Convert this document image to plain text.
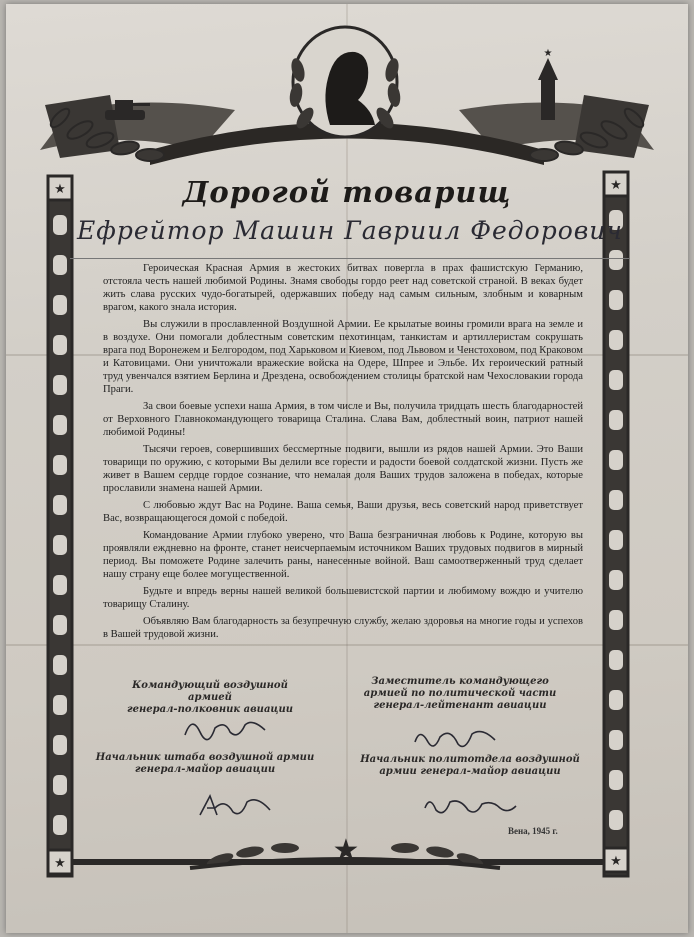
★
★	★
★	★
Дорогой товарищ
Ефрейтор Машин Гавриил Федорович

Героическая Красная Армия в жестоких битвах повергла в прах фашистскую Германию, отстояла честь нашей любимой Родины. Знамя свободы гордо реет над советской страной. В веках будет жить слава русских чудо-богатырей, одержавших победу над самым сильным, злобным и коварным врагом, какого знала история.

Вы служили в прославленной Воздушной Армии. Ее крылатые воины громили врага на земле и в воздухе. Они помогали доблестным советским пехотинцам, танкистам и артиллеристам сокрушать врага под Воронежем и Белгородом, под Харьковом и Киевом, под Львовом и Ченстоховом, под Краковом и Катовицами. Они уничтожали вражеские войска на Одере, Шпрее и Эльбе. Их героический ратный труд увенчался взятием Берлина и Дрездена, освобождением столицы братской нам Чехословакии города Праги.

За свои боевые успехи наша Армия, в том числе и Вы, получила тридцать шесть благодарностей от Верховного Главнокомандующего товарища Сталина. Слава Вам, доблестный воин, патриот нашей любимой Родины!

Тысячи героев, совершивших бессмертные подвиги, вышли из рядов нашей Армии. Это Ваши товарищи по оружию, с которыми Вы делили все горести и радости боевой солдатской жизни. Пусть же живет в Вашем сердце гордое сознание, что немалая доля Ваших трудов заложена в победах, которые прославили знамена нашей Армии.

С любовью ждут Вас на Родине. Ваша семья, Ваши друзья, весь советский народ приветствует Вас, возвращающегося домой с победой.

Командование Армии глубоко уверено, что Ваша безграничная любовь к Родине, которую вы проявляли еждневно на фронте, станет неисчерпаемым источником Ваших трудовых подвигов в мирный период. Вы поможете Родине залечить раны, нанесенные войной. Ваш самоотверженный труд сделает нашу страну еще более могущественной.

Будьте и впредь верны нашей великой большевистской партии и любимому вождю и учителю товарищу Сталину.

Объявляю Вам благодарность за безупречную службу, желаю здоровья на многие годы и успехов в Вашей трудовой жизни.

Командующий воздушной армией
генерал-полковник авиации
Заместитель командующего
армией по политической части
генерал-лейтенант авиации
Начальник штаба воздушной армии
генерал-майор авиации
Начальник политотдела воздушной
армии генерал-майор авиации
Вена, 1945 г.
★
